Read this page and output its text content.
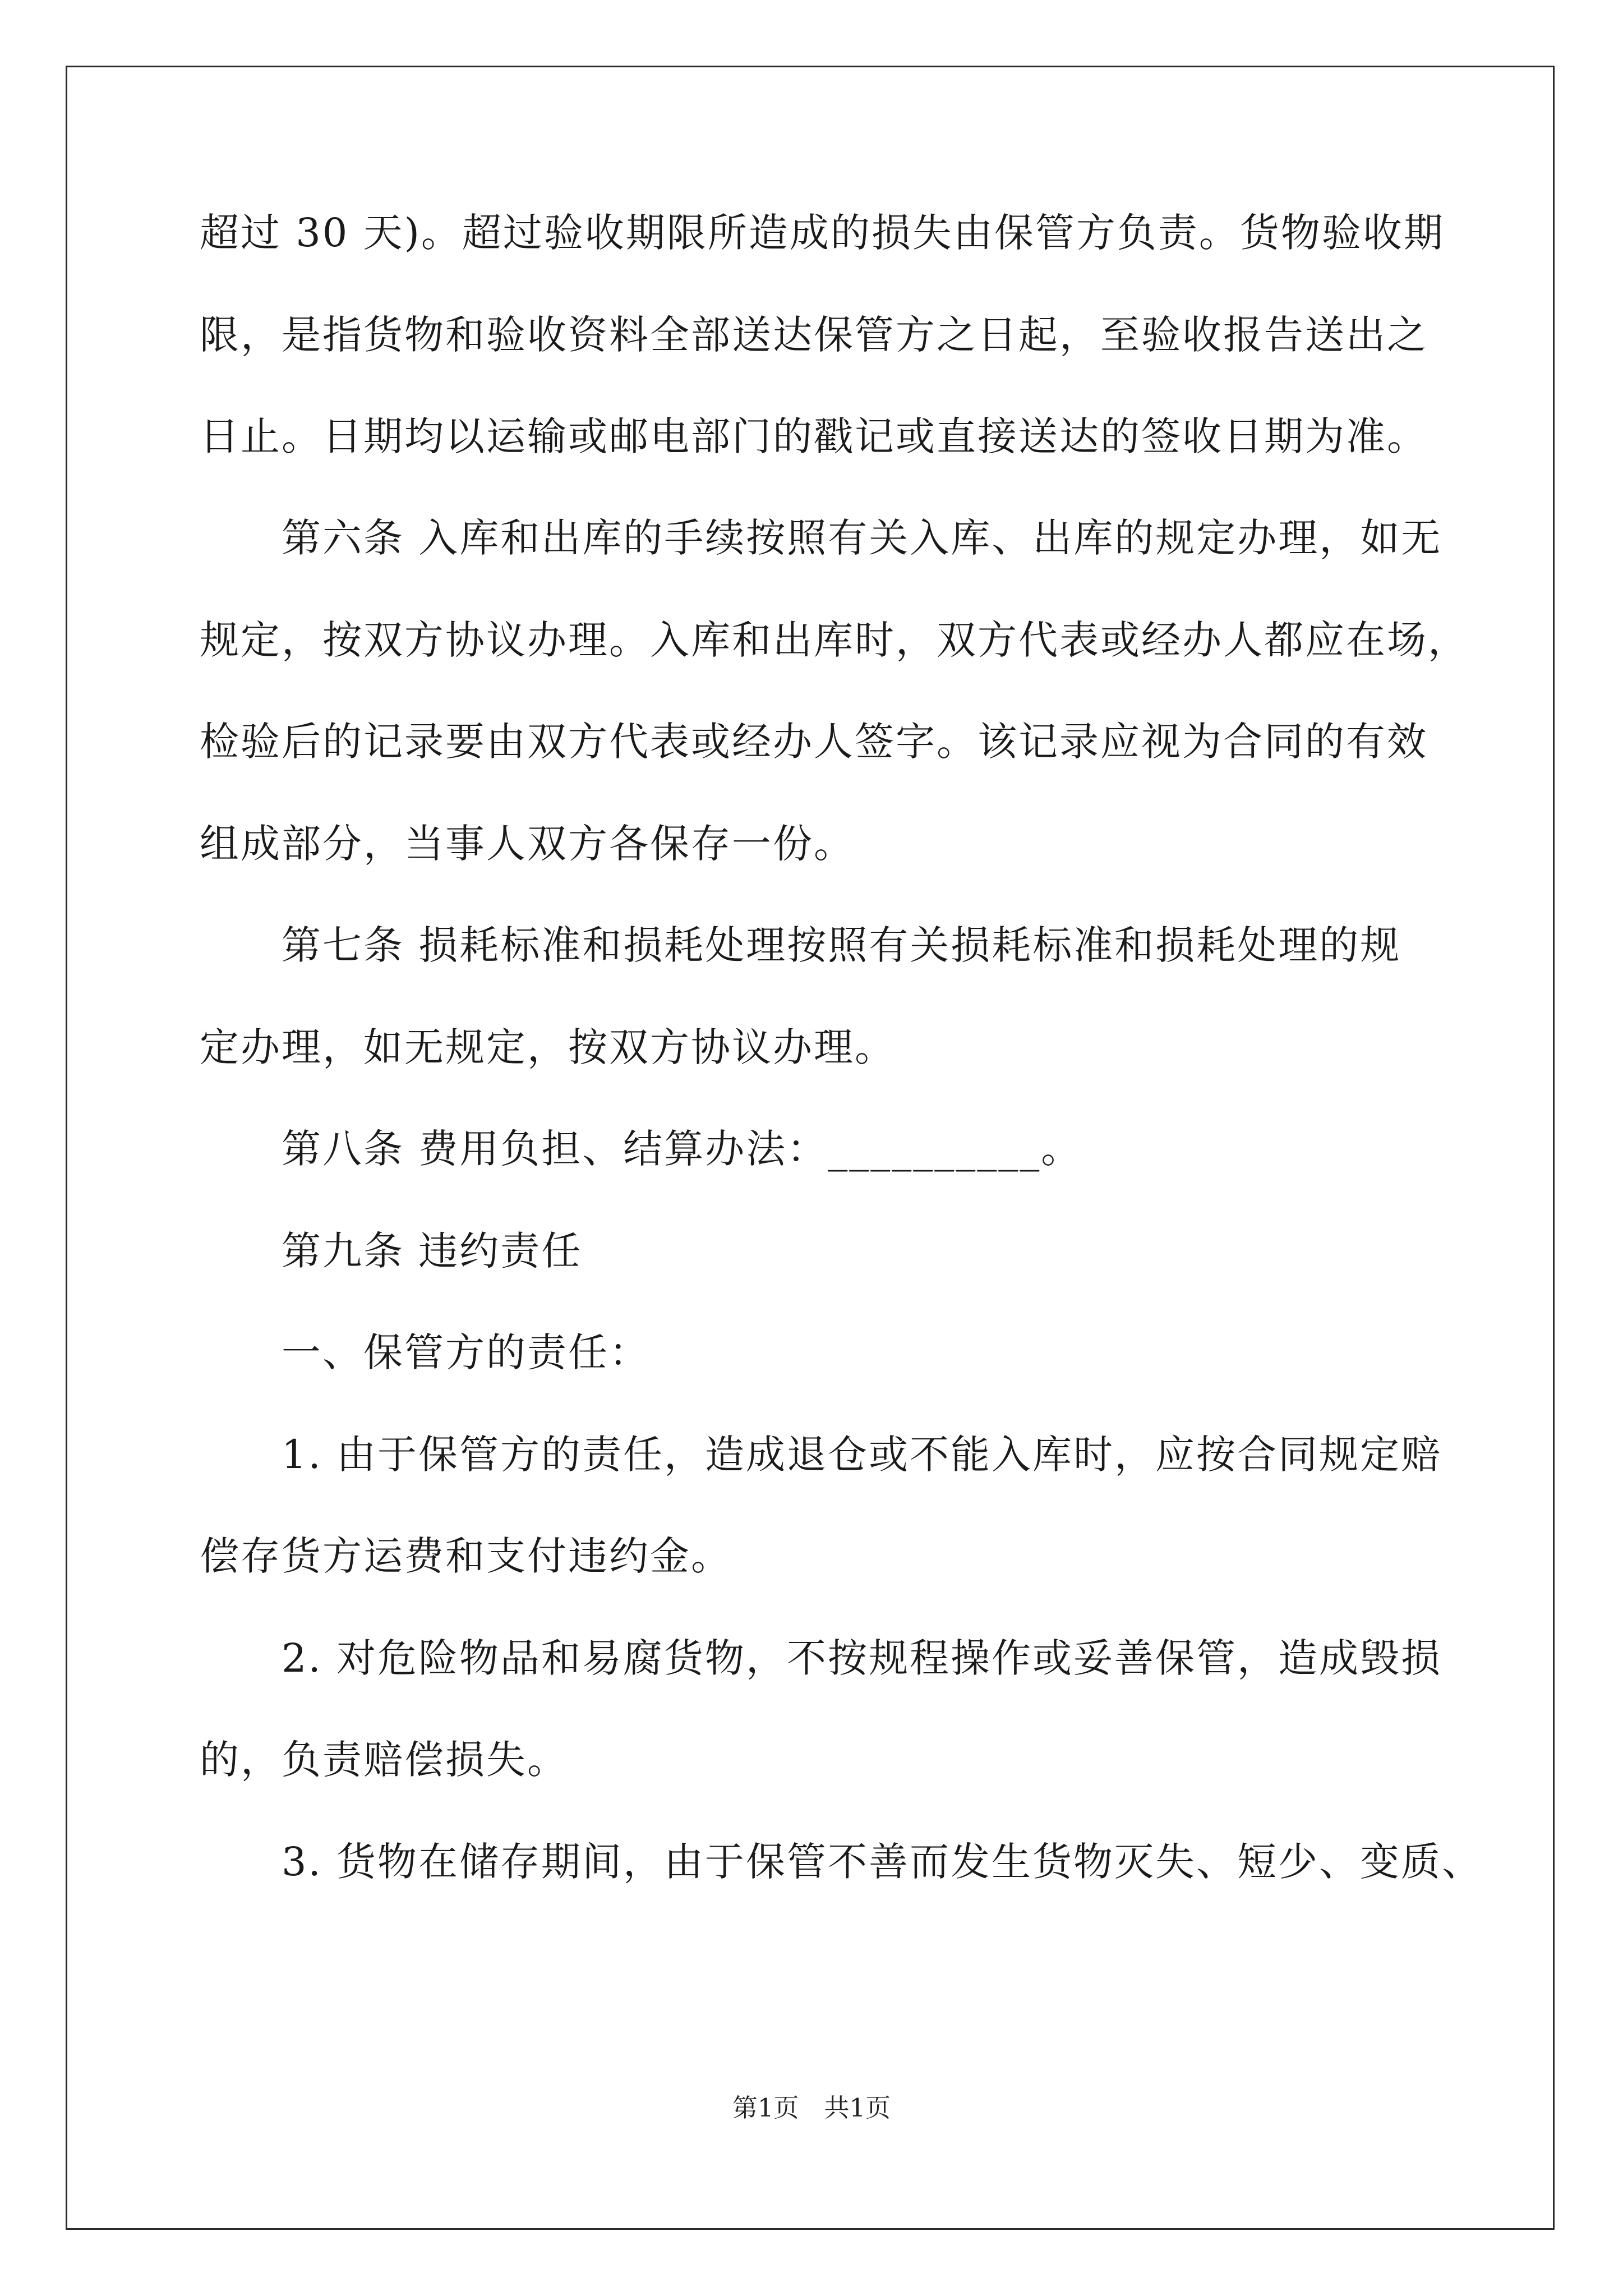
超过 30 天)。超过验收期限所造成的损失由保管方负责。货物验收期
限，是指货物和验收资料全部送达保管方之日起，至验收报告送出之
日止。日期均以运输或邮电部门的戳记或直接送达的签收日期为准。
第六条 入库和出库的手续按照有关入库、出库的规定办理，如无
规定，按双方协议办理。入库和出库时，双方代表或经办人都应在场，
检验后的记录要由双方代表或经办人签字。该记录应视为合同的有效
组成部分，当事人双方各保存一份。
第七条 损耗标准和损耗处理按照有关损耗标准和损耗处理的规
定办理，如无规定，按双方协议办理。
第八条 费用负担、结算办法：__________。
第九条 违约责任
一、保管方的责任：
1. 由于保管方的责任，造成退仓或不能入库时，应按合同规定赔
偿存货方运费和支付违约金。
2. 对危险物品和易腐货物，不按规程操作或妥善保管，造成毁损
的，负责赔偿损失。
3. 货物在储存期间，由于保管不善而发生货物灭失、短少、变质、
第1页　共1页
